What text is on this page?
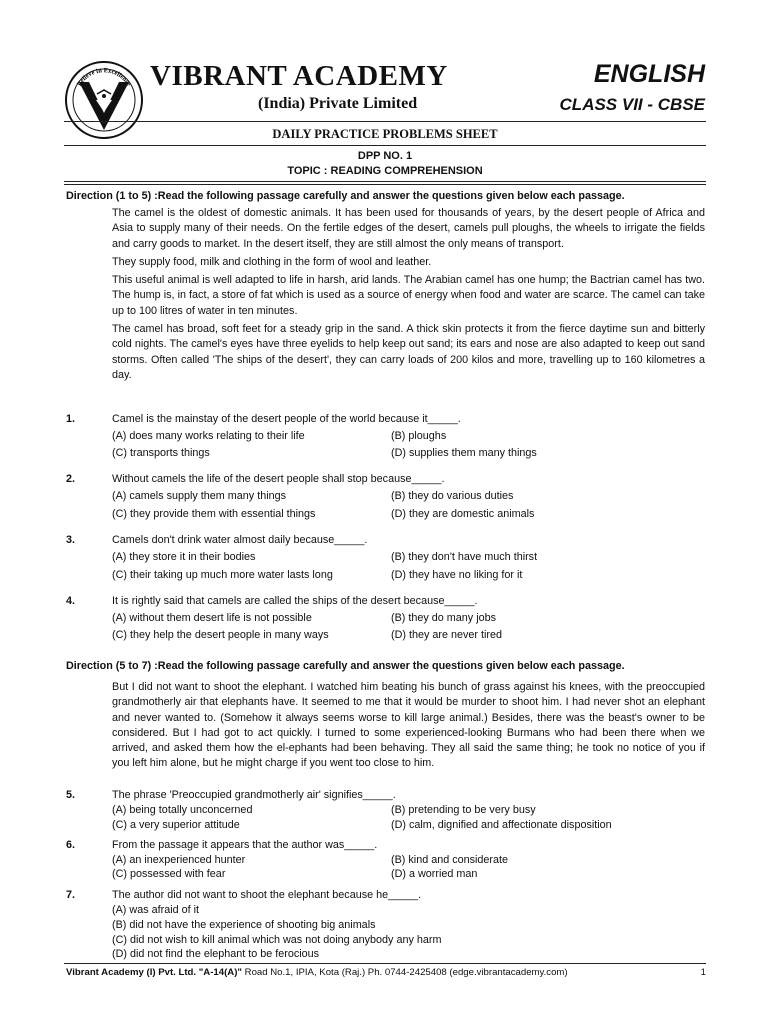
Believe in Excellence VIBRANT ACADEMY
(India) Private Limited
ENGLISH
CLASS VII - CBSE
DAILY PRACTICE PROBLEMS SHEET
DPP NO. 1
TOPIC : READING COMPREHENSION
Direction (1 to 5) :Read the following passage carefully and answer the questions given below each passage.

The camel is the oldest of domestic animals. It has been used for thousands of years, by the desert people of Africa and Asia to supply many of their needs. On the fertile edges of the desert, camels pull ploughs, the wheels to irrigate the fields and carry goods to market. In the desert itself, they are still almost the only means of transport.

They supply food, milk and clothing in the form of wool and leather.

This useful animal is well adapted to life in harsh, arid lands. The Arabian camel has one hump; the Bactrian camel has two. The hump is, in fact, a store of fat which is used as a source of energy when food and water are scarce. The camel can take up to 100 litres of water in ten minutes.

The camel has broad, soft feet for a steady grip in the sand. A thick skin protects it from the fierce daytime sun and bitterly cold nights. The camel's eyes have three eyelids to help keep out sand; its ears and nose are also adapted to keep out sand storms. Often called 'The ships of the desert', they can carry loads of 200 kilos and more, travelling up to 160 kilometres a day.

1.	Camel is the mainstay of the desert people of the world because it_____.
(A) does many works relating to their life	(B) ploughs
(C) transports things	(D) supplies them many things
2.	Without camels the life of the desert people shall stop because_____.
(A) camels supply them many things	(B) they do various duties
(C) they provide them with essential things	(D) they are domestic animals
3.	Camels don't drink water almost daily because_____.
(A) they store it in their bodies	(B) they don't have much thirst
(C) their taking up much more water lasts long	(D) they have no liking for it
4.	It is rightly said that camels are called the ships of the desert because_____.
(A) without them desert life is not possible	(B) they do many jobs
(C) they help the desert people in many ways	(D) they are never tired
Direction (5 to 7) :Read the following passage carefully and answer the questions given below each passage.

But I did not want to shoot the elephant. I watched him beating his bunch of grass against his knees, with the preoccupied grandmotherly air that elephants have. It seemed to me that it would be murder to shoot him. I had never shot an elephant and never wanted to. (Somehow it always seems worse to kill large animal.) Besides, there was the beast's owner to be considered. But I had got to act quickly. I turned to some experienced-looking Burmans who had been there when we arrived, and asked them how the el-ephants had been behaving. They all said the same thing; he took no notice of you if you left him alone, but he might charge if you went too close to him.

5.	The phrase 'Preoccupied grandmotherly air' signifies_____.
(A) being totally unconcerned	(B) pretending to be very busy
(C) a very superior attitude	(D) calm, dignified and affectionate disposition
6.	From the passage it appears that the author was_____.
(A) an inexperienced hunter	(B) kind and considerate
(C) possessed with fear	(D) a worried man
7.	The author did not want to shoot the elephant because he_____.
(A) was afraid of it
(B) did not have the experience of shooting big animals
(C) did not wish to kill animal which was not doing anybody any harm
(D) did not find the elephant to be ferocious
Vibrant Academy (I) Pvt. Ltd. "A-14(A)" Road No.1, IPIA, Kota (Raj.) Ph. 0744-2425408 (edge.vibrantacademy.com)	1
